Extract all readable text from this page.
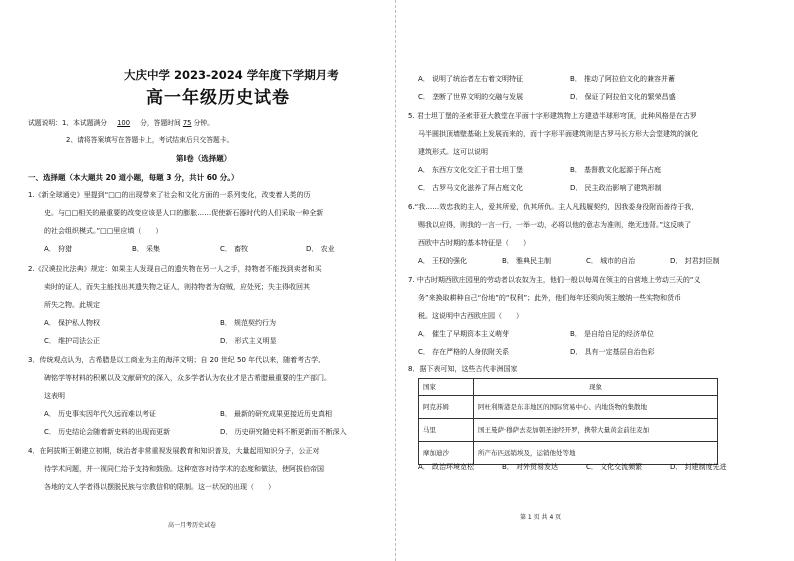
大庆中学 2023-2024 学年度下学期月考
高一年级历史试卷
试题说明：1、本试题满分 100 分，答题时间 75 分钟。
2、请将答案填写在答题卡上，考试结束后只交答题卡。
第Ⅰ卷（选择题）
一、选择题（本大题共 20 道小题，每题 3 分，共计 60 分。）
1.《新全球通史》里提到“□□的出现带来了社会和文化方面的一系列变化，改变着人类的历
史。与□□相关的最重要的改变应该是人口的膨胀……促使新石器时代的人们采取一种全新
的社会组织模式。”□□里应填（　　）
A． 狩猎	B． 采集	C． 畜牧	D． 农业
2.《汉谟拉比法典》规定：如果主人发现自己的遗失物在另一人之手，持物者不能找到卖者和买
卖时的证人，而失主能找出其遗失物之证人，则持物者为窃贼，应处死；失主得收回其
所失之物。此规定
A． 保护私人物权	B． 规范契约行为
C． 维护司法公正	D． 形式主义明显
3．传统观点认为，古希腊是以工商业为主的海洋文明；自 20 世纪 50 年代以来，随着考古学、
碑铭学等材料的积累以及文献研究的深入，众多学者认为农业才是古希腊最重要的生产部门。
这表明
A． 历史事实因年代久远而难以考证	B． 最新的研究成果更接近历史真相
C． 历史结论会随着新史料的出现而更新	D． 历史研究随史料不断更新而不断深入
4．在阿拔斯王朝建立初期，统治者非常重视发展教育和知识普及，大量起用知识分子，公正对
待学术问题，并一视同仁给予支持和鼓励。这种宽容对待学术的态度和做法，使阿拔伯帝国
各地的文人学者得以摆脱民族与宗教信仰的限制。这一状况的出现（　　）
高一月考历史试卷
A． 说明了统治者左右着文明特征	B． 推动了阿拉伯文化的兼容并蓄
C． 垄断了世界文明的交融与发展	D． 保证了阿拉伯文化的繁荣昌盛
5. 君士坦丁堡的圣索菲亚大教堂在平面十字形建筑物上方建造半球形穹顶，此种风格是在古罗
马半圆拱顶墙壁基础上发展而来的，而十字形平面建筑则是古罗马长方形大会堂建筑的演化
建筑形式。这可以说明
A． 东西方文化交汇于君士坦丁堡	B． 基督教文化起源于拜占庭
C． 古罗马文化滋养了拜占庭文化	D． 民主政治影响了建筑形制
6.“我……效忠我的主人，爱其所爱，仇其所仇。主人凡践履契约，因我委身役附而善待于我，
赐我以应得，则我的一言一行，一举一动，必将以他的意志为准则，绝无违背。”这反映了
西欧中古时期的基本特征是（　　）
A． 王权的强化	B． 雅典民主制	C． 城市的自治	D． 封君封臣制
7. 中古时期西欧庄园里的劳动者以农奴为主，他们一般以每周在领主的自营地上劳动三天的“义
务”来换取耕种自己“份地”的“权利”；此外，他们每年还须向领主缴纳一些实物和货币
税。这说明中古西欧庄园（　　）
A． 催生了早期资本主义萌芽	B． 是自给自足的经济单位
C． 存在严格的人身依附关系	D． 具有一定基层自治色彩
8．据下表可知，这些古代非洲国家
国家	现象
阿克苏姆	阿杜利斯港是东非地区的国际贸易中心、内地货物的集散地
马里	国王曼萨·穆萨去麦加朝圣途经开罗，携带大量黄金前往麦加
摩加迪沙	所产布匹远销埃及，运销他处等地
A． 政治环境宽松	B． 对外贸易发达	C． 文化交流频繁	D． 封建制度先进
第 1 页 共 4 页
